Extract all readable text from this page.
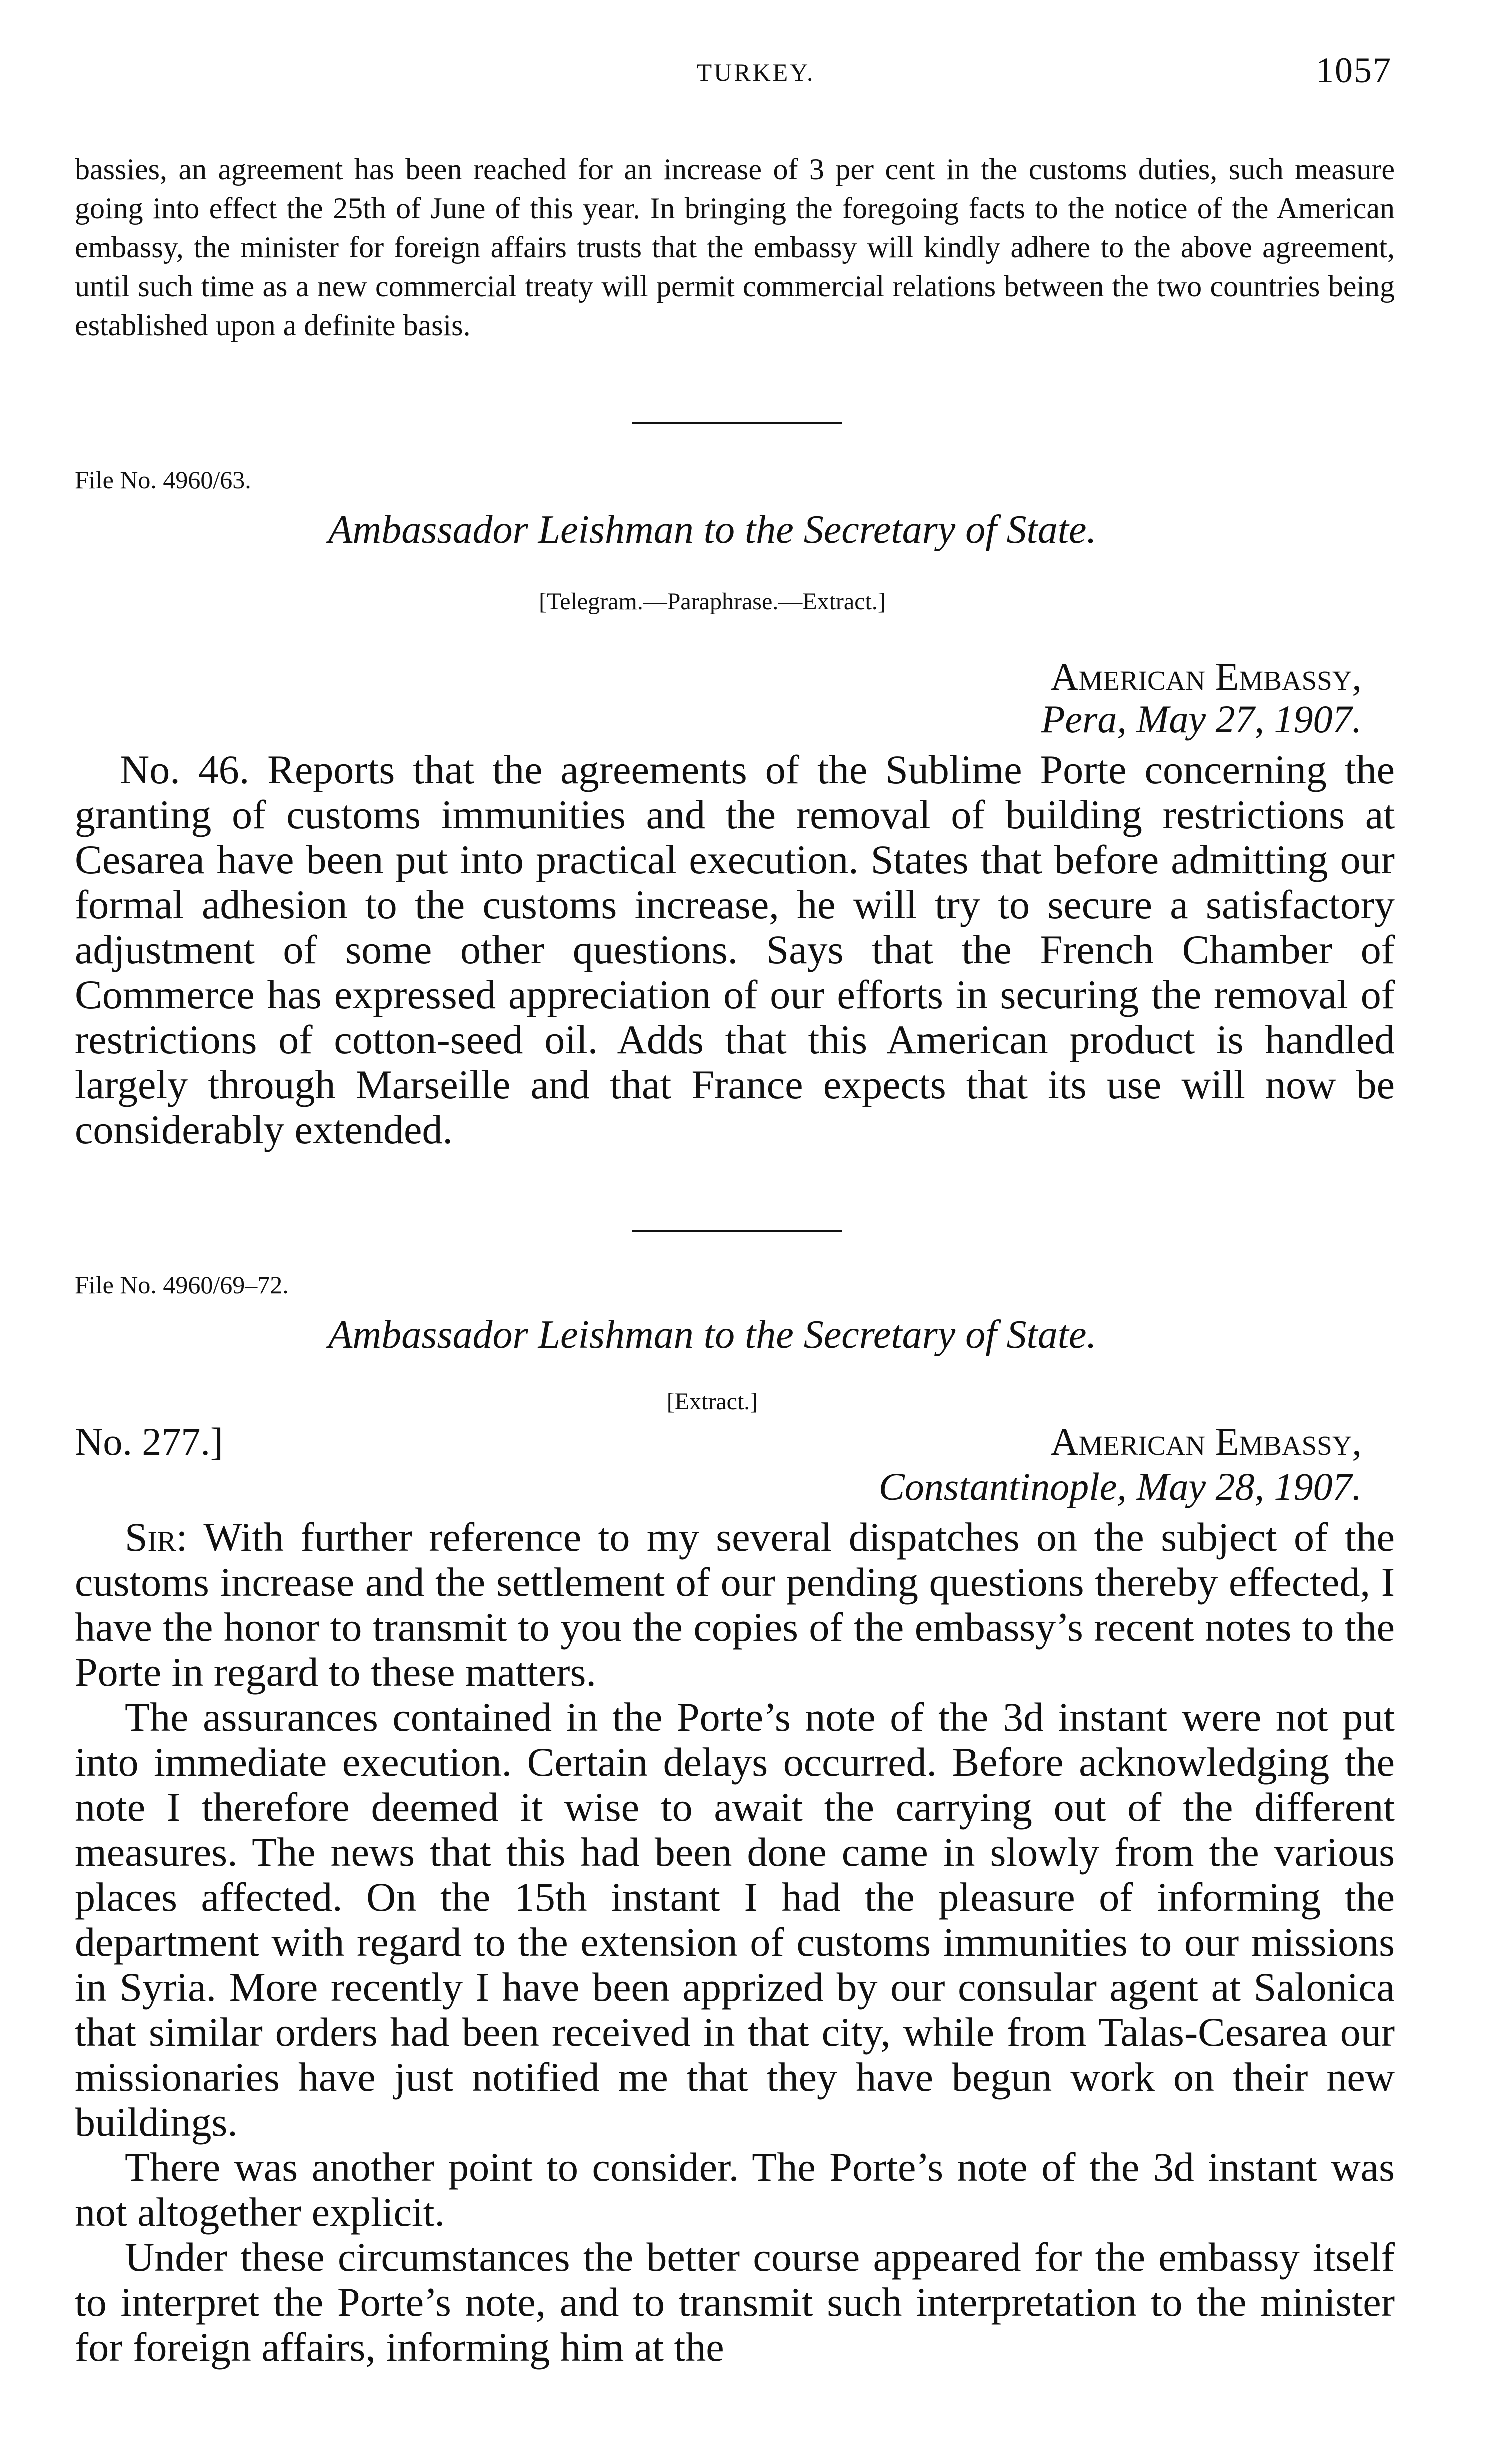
TURKEY.	1057

bassies, an agreement has been reached for an increase of 3 per cent in the customs duties, such measure going into effect the 25th of June of this year. In bringing the foregoing facts to the notice of the American embassy, the minister for foreign affairs trusts that the embassy will kindly adhere to the above agreement, until such time as a new commercial treaty will permit commercial relations between the two countries being established upon a definite basis.

File No. 4960/63.
Ambassador Leishman to the Secretary of State.
[Telegram.—Paraphrase.—Extract.]
American Embassy,
Pera, May 27, 1907.

No. 46. Reports that the agreements of the Sublime Porte concerning the granting of customs immunities and the removal of building restrictions at Cesarea have been put into practical execution. States that before admitting our formal adhesion to the customs increase, he will try to secure a satisfactory adjustment of some other questions. Says that the French Chamber of Commerce has expressed appreciation of our efforts in securing the removal of restrictions of cotton-seed oil. Adds that this American product is handled largely through Marseille and that France expects that its use will now be considerably extended.

File No. 4960/69–72.
Ambassador Leishman to the Secretary of State.
[Extract.]
No. 277.]	American Embassy,
Constantinople, May 28, 1907.

Sir: With further reference to my several dispatches on the subject of the customs increase and the settlement of our pending questions thereby effected, I have the honor to transmit to you the copies of the embassy’s recent notes to the Porte in regard to these matters.

The assurances contained in the Porte’s note of the 3d instant were not put into immediate execution. Certain delays occurred. Before acknowledging the note I therefore deemed it wise to await the carrying out of the different measures. The news that this had been done came in slowly from the various places affected. On the 15th instant I had the pleasure of informing the department with regard to the extension of customs immunities to our missions in Syria. More recently I have been apprized by our consular agent at Salonica that similar orders had been received in that city, while from Talas-Cesarea our missionaries have just notified me that they have begun work on their new buildings.

There was another point to consider. The Porte’s note of the 3d instant was not altogether explicit.

Under these circumstances the better course appeared for the embassy itself to interpret the Porte’s note, and to transmit such interpretation to the minister for foreign affairs, informing him at the
